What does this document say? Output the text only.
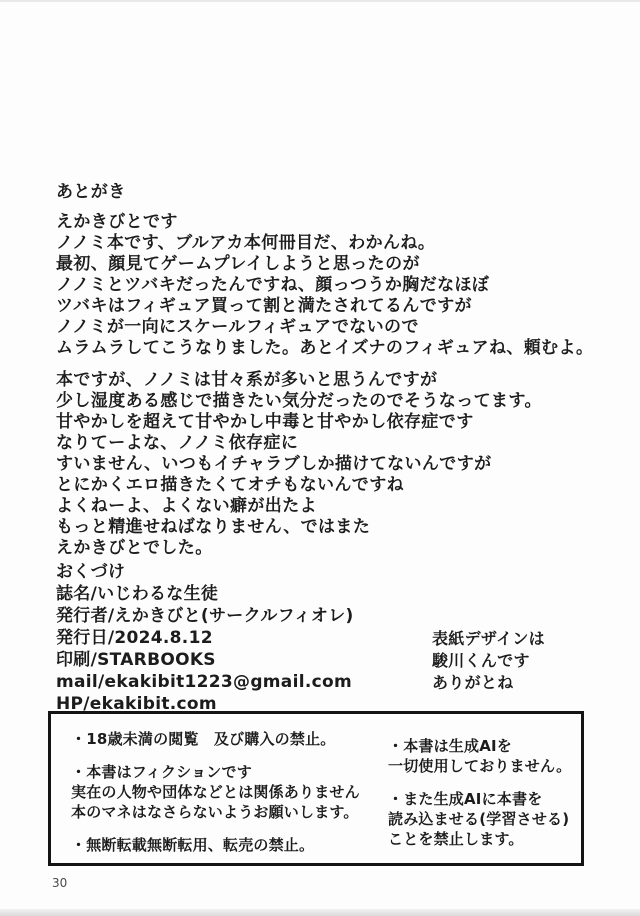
あとがき
えかきびとです
ノノミ本です、ブルアカ本何冊目だ、わかんね。
最初、顔見てゲームプレイしようと思ったのが
ノノミとツバキだったんですね、顔っつうか胸だなほぼ
ツバキはフィギュア買って割と満たされてるんですが
ノノミが一向にスケールフィギュアでないので
ムラムラしてこうなりました。あとイズナのフィギュアね、頼むよ。
本ですが、ノノミは甘々系が多いと思うんですが
少し湿度ある感じで描きたい気分だったのでそうなってます。
甘やかしを超えて甘やかし中毒と甘やかし依存症です
なりてーよな、ノノミ依存症に
すいません、いつもイチャラブしか描けてないんですが
とにかくエロ描きたくてオチもないんですね
よくねーよ、よくない癖が出たよ
もっと精進せねばなりません、ではまた
えかきびとでした。
おくづけ
誌名/いじわるな生徒
発行者/えかきびと(サークルフィオレ)
発行日/2024.8.12
印刷/STARBOOKS
mail/ekakibit1223@gmail.com
HP/ekakibit.com
表紙デザインは
駿川くんです
ありがとね
・18歳未満の閲覧　及び購入の禁止。
・本書はフィクションです
実在の人物や団体などとは関係ありません
本のマネはなさらないようお願いします。
・無断転載無断転用、転売の禁止。
・本書は生成AIを
一切使用しておりません。
・また生成AIに本書を
読み込ませる(学習させる)
ことを禁止します。
30
